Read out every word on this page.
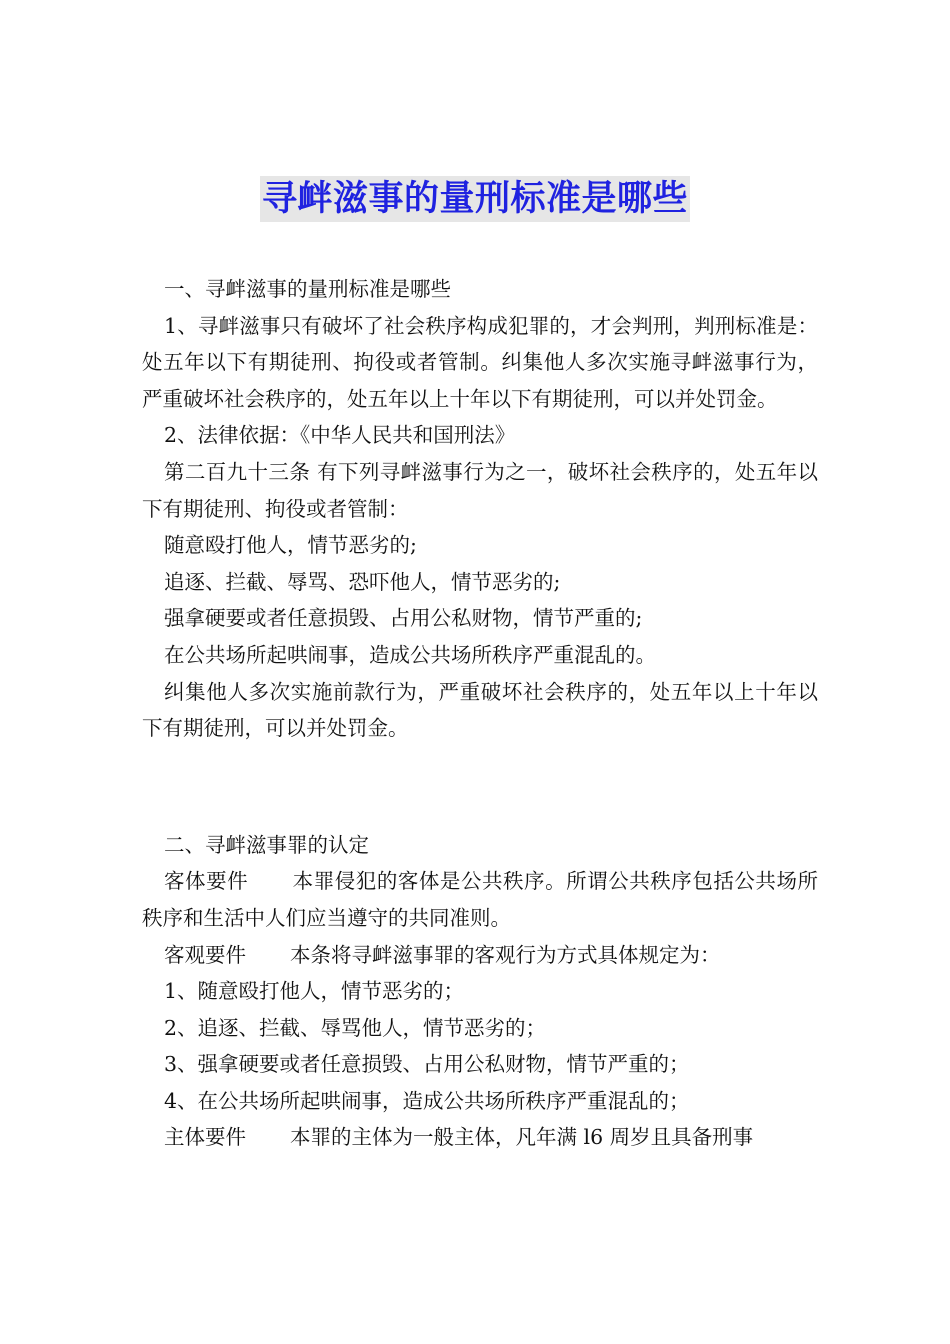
寻衅滋事的量刑标准是哪些

一、寻衅滋事的量刑标准是哪些

1、寻衅滋事只有破坏了社会秩序构成犯罪的，才会判刑，判刑标准是：处五年以下有期徒刑、拘役或者管制。纠集他人多次实施寻衅滋事行为，严重破坏社会秩序的，处五年以上十年以下有期徒刑，可以并处罚金。

2、法律依据：《中华人民共和国刑法》

第二百九十三条 有下列寻衅滋事行为之一，破坏社会秩序的，处五年以下有期徒刑、拘役或者管制：

随意殴打他人，情节恶劣的;

追逐、拦截、辱骂、恐吓他人，情节恶劣的;

强拿硬要或者任意损毁、占用公私财物，情节严重的;

在公共场所起哄闹事，造成公共场所秩序严重混乱的。

纠集他人多次实施前款行为，严重破坏社会秩序的，处五年以上十年以下有期徒刑，可以并处罚金。

二、寻衅滋事罪的认定

客体要件 本罪侵犯的客体是公共秩序。所谓公共秩序包括公共场所秩序和生活中人们应当遵守的共同准则。

客观要件 本条将寻衅滋事罪的客观行为方式具体规定为：

1、随意殴打他人，情节恶劣的；

2、追逐、拦截、辱骂他人，情节恶劣的；

3、强拿硬要或者任意损毁、占用公私财物，情节严重的；

4、在公共场所起哄闹事，造成公共场所秩序严重混乱的；

主体要件 本罪的主体为一般主体，凡年满 l6 周岁且具备刑事
